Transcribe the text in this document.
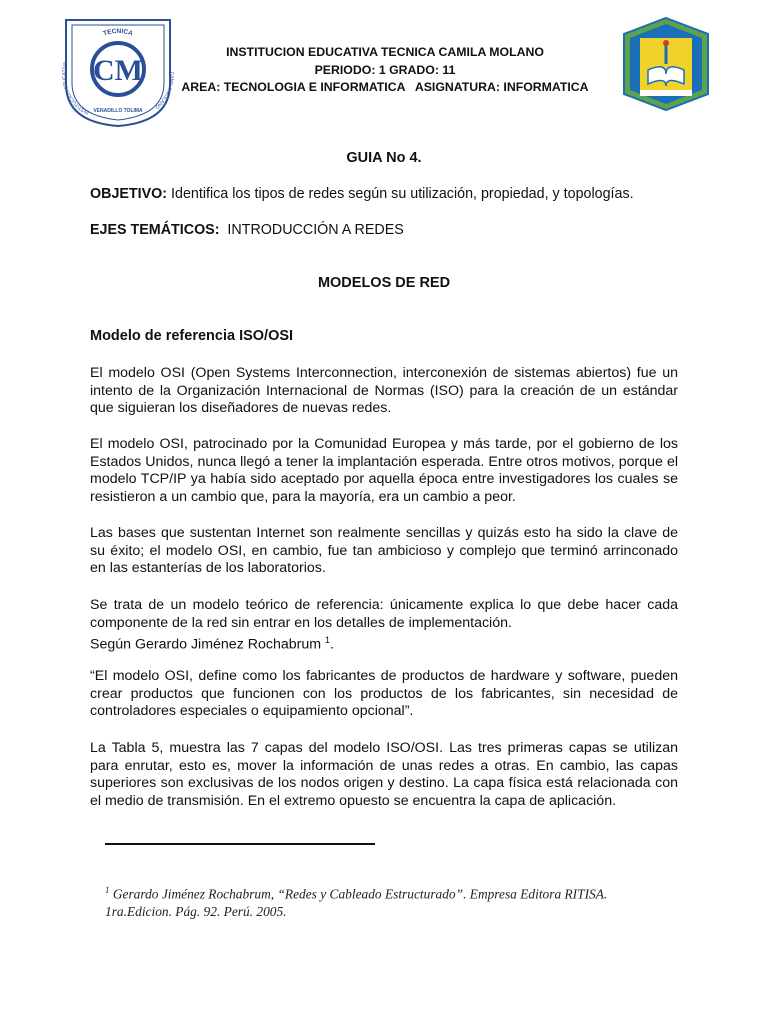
TECNICA
INSTITUCION EDUCATIVA
CAMILA MOLANO
CM
VENADILLO TOLIMA
INSTITUCION EDUCATIVA TECNICA CAMILA MOLANO
PERIODO: 1 GRADO: 11
AREA: TECNOLOGIA E INFORMATICA   ASIGNATURA: INFORMATICA
GUIA No 4.
OBJETIVO: Identifica los tipos de redes según su utilización, propiedad, y topologías.
EJES TEMÁTICOS:  INTRODUCCIÓN A REDES
MODELOS DE RED
Modelo de referencia ISO/OSI

El modelo OSI (Open Systems Interconnection, interconexión de sistemas abiertos) fue un intento de la Organización Internacional de Normas (ISO) para la creación de un estándar que siguieran los diseñadores de nuevas redes.

El modelo OSI, patrocinado por la Comunidad Europea y más tarde, por el gobierno de los Estados Unidos, nunca llegó a tener la implantación esperada. Entre otros motivos, porque el modelo TCP/IP ya había sido aceptado por aquella época entre investigadores los cuales se resistieron a un cambio que, para la mayoría, era un cambio a peor.

Las bases que sustentan Internet son realmente sencillas y quizás esto ha sido la clave de su éxito; el modelo OSI, en cambio, fue tan ambicioso y complejo que terminó arrinconado en las estanterías de los laboratorios.

Se trata de un modelo teórico de referencia: únicamente explica lo que debe hacer cada componente de la red sin entrar en los detalles de implementación.
Según Gerardo Jiménez Rochabrum $^1$.

“El modelo OSI, define como los fabricantes de productos de hardware y software, pueden crear productos que funcionen con los productos de los fabricantes, sin necesidad de controladores especiales o equipamiento opcional”.

La Tabla 5, muestra las 7 capas del modelo ISO/OSI. Las tres primeras capas se utilizan para enrutar, esto es, mover la información de unas redes a otras. En cambio, las capas superiores son exclusivas de los nodos origen y destino. La capa física está relacionada con el medio de transmisión. En el extremo opuesto se encuentra la capa de aplicación.

$^1$ Gerardo Jiménez Rochabrum, “Redes y Cableado Estructurado”. Empresa Editora RITISA. 1ra.Edicion. Pág. 92. Perú. 2005.
